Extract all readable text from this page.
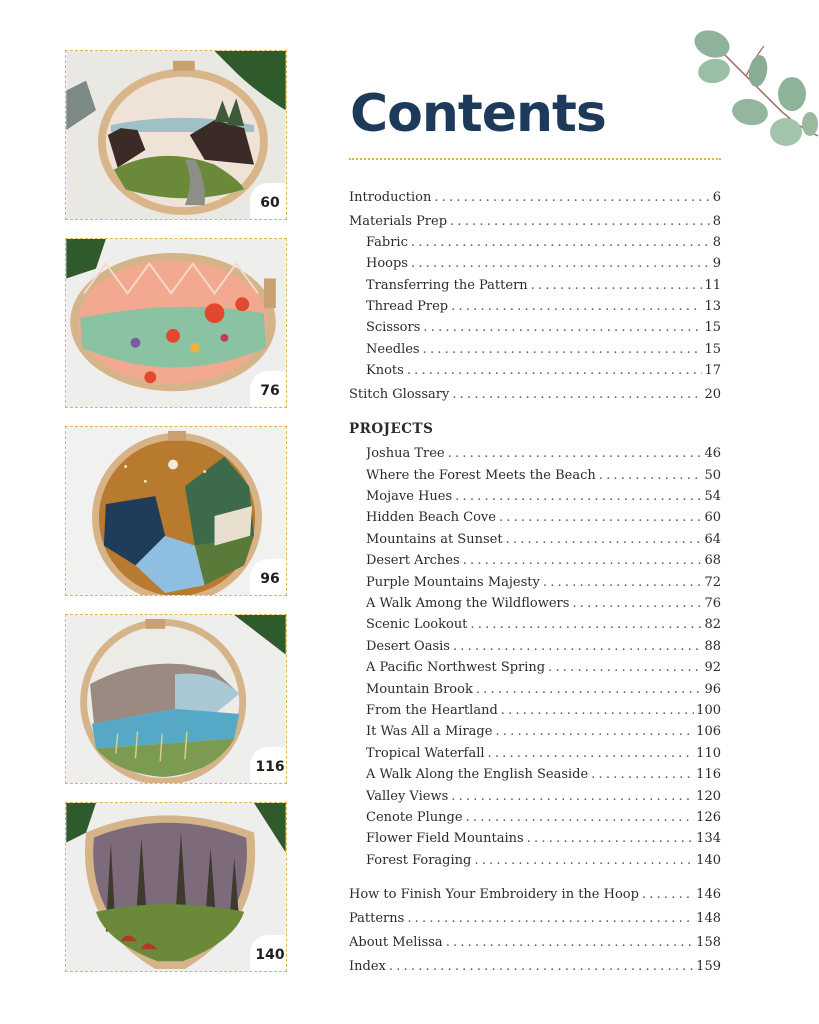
60
76
96
116
140
Contents
Introduction .....	6
Materials Prep .....	8
Fabric .....	8
Hoops .....	9
Transferring the Pattern .....	11
Thread Prep .....	13
Scissors .....	15
Needles .....	15
Knots .....	17
Stitch Glossary .....	20
PROJECTS
Joshua Tree .....	46
Where the Forest Meets the Beach .....	50
Mojave Hues .....	54
Hidden Beach Cove .....	60
Mountains at Sunset .....	64
Desert Arches .....	68
Purple Mountains Majesty .....	72
A Walk Among the Wildflowers .....	76
Scenic Lookout .....	82
Desert Oasis .....	88
A Pacific Northwest Spring .....	92
Mountain Brook .....	96
From the Heartland .....	100
It Was All a Mirage .....	106
Tropical Waterfall .....	110
A Walk Along the English Seaside .....	116
Valley Views .....	120
Cenote Plunge .....	126
Flower Field Mountains .....	134
Forest Foraging .....	140
How to Finish Your Embroidery in the Hoop .....	146
Patterns .....	148
About Melissa .....	158
Index .....	159
